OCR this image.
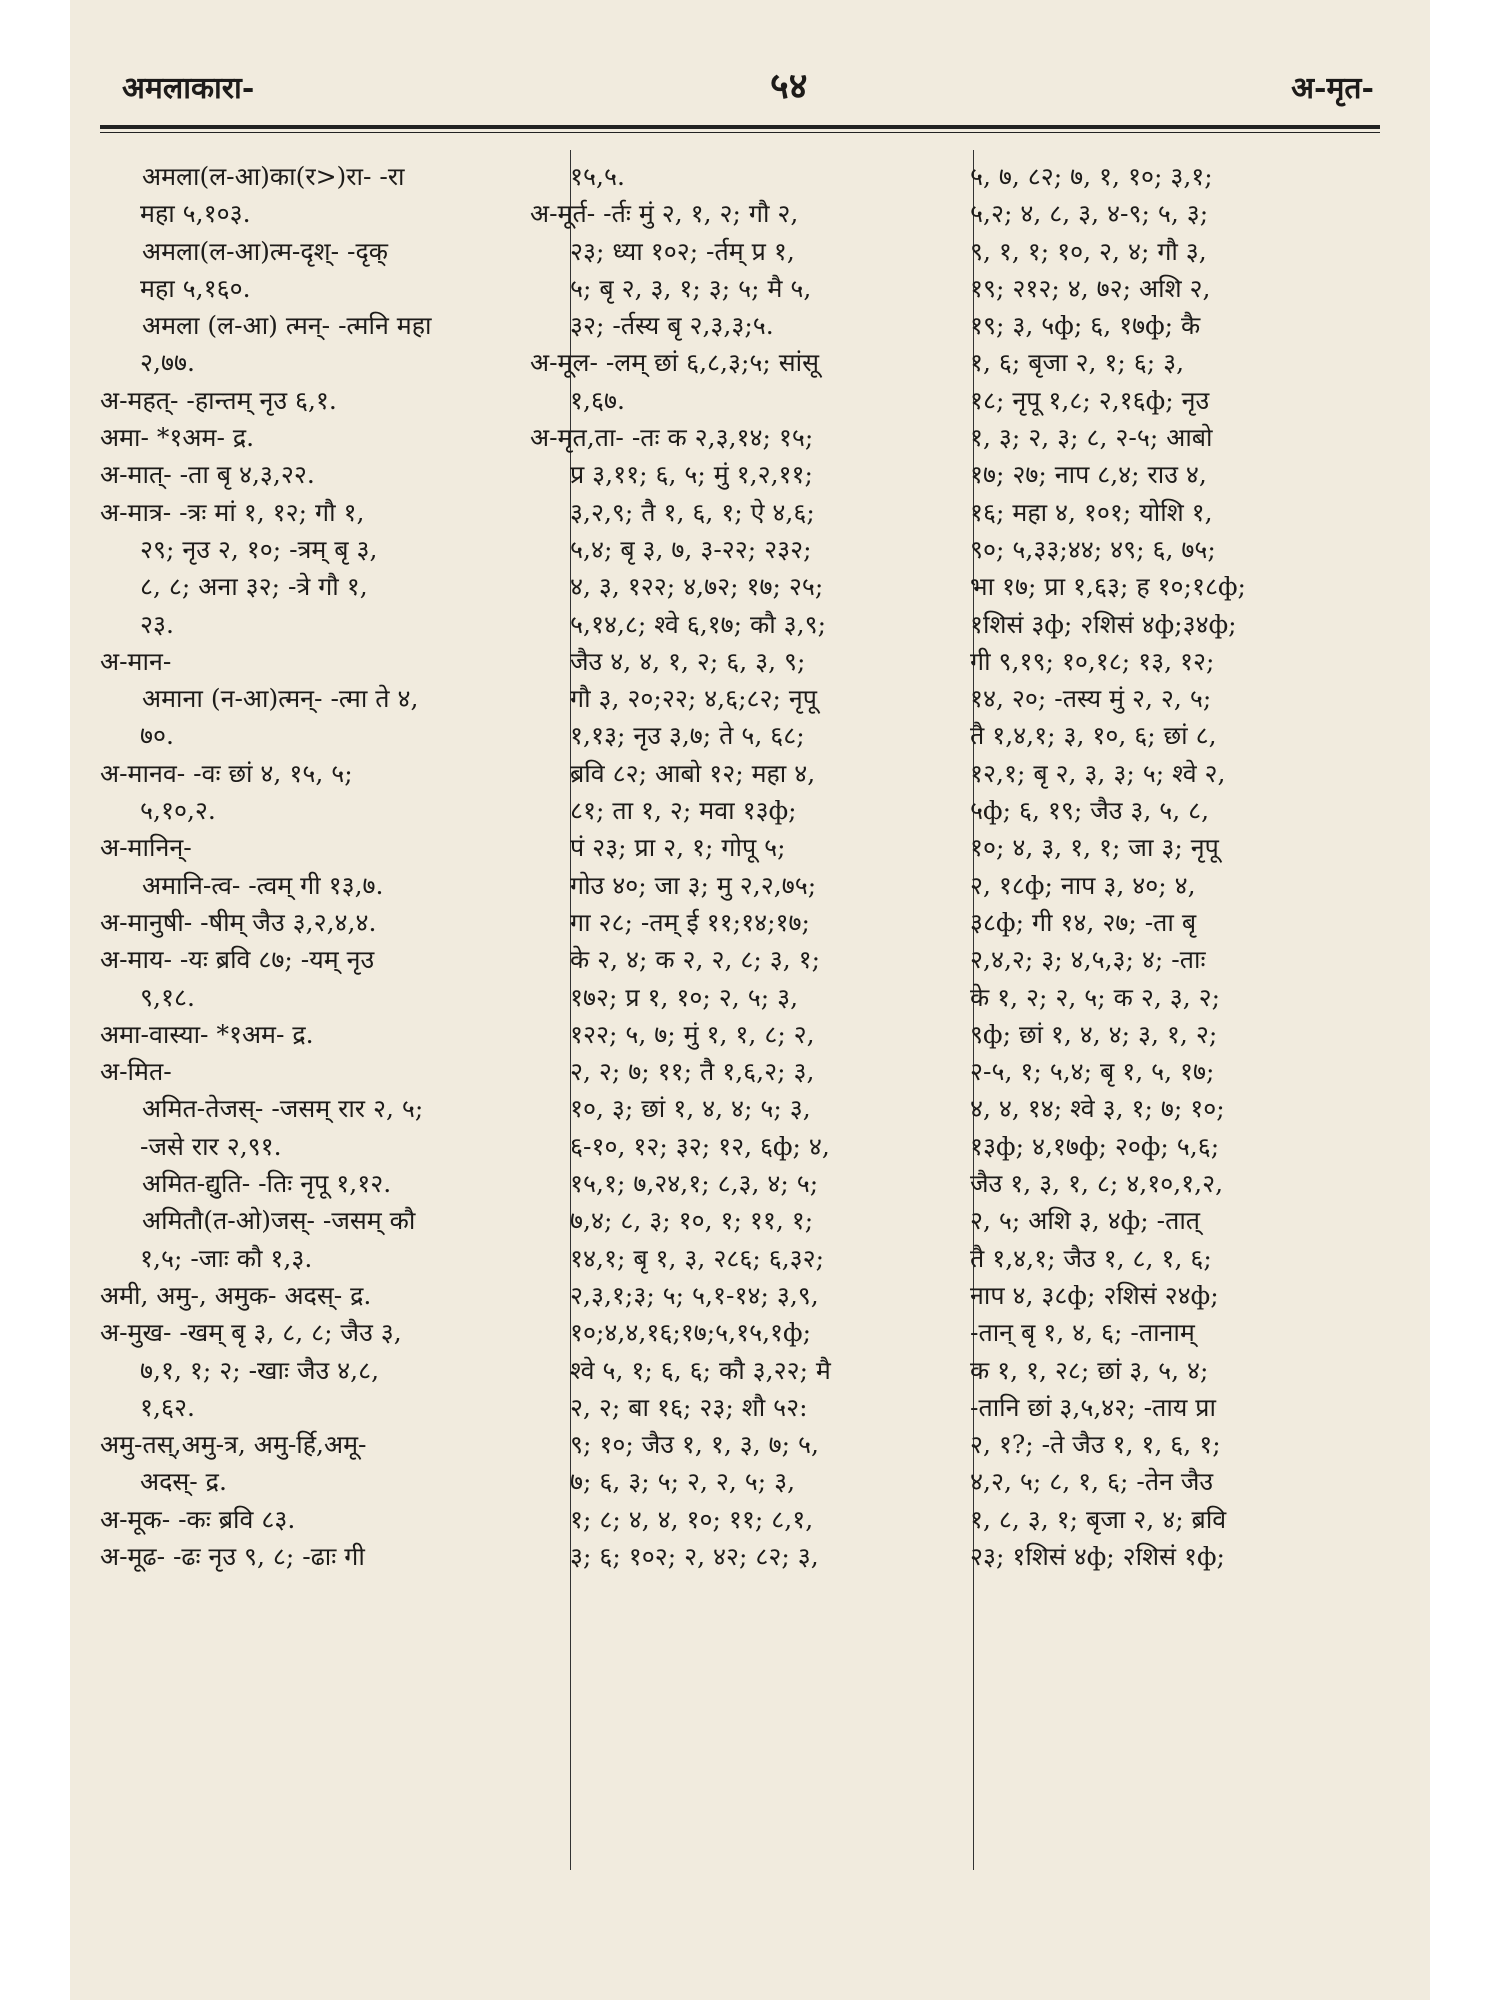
अमलाकारा-	५४	अ-मृत-
अमला(ल-आ)का(र>)रा- -रा
महा ५,१०३.
अमला(ल-आ)त्म-दृश्- -दृक्
महा ५,१६०.
अमला (ल-आ) त्मन्- -त्मनि महा
२,७७.
अ-महत्- -हान्तम् नृउ ६,१.
अमा- *१अम- द्र.
अ-मात्- -ता बृ ४,३,२२.
अ-मात्र- -त्रः मां १, १२; गौ १,
२९; नृउ २, १०; -त्रम् बृ ३,
८, ८; अना ३२; -त्रे गौ १,
२३.
अ-मान-
अमाना (न-आ)त्मन्- -त्मा ते ४,
७०.
अ-मानव- -वः छां ४, १५, ५;
५,१०,२.
अ-मानिन्-
अमानि-त्व- -त्वम् गी १३,७.
अ-मानुषी- -षीम् जैउ ३,२,४,४.
अ-माय- -यः ब्रवि ८७; -यम् नृउ
९,१८.
अमा-वास्या- *१अम- द्र.
अ-मित-
अमित-तेजस्- -जसम् रार २, ५;
-जसे रार २,९१.
अमित-द्युति- -तिः नृपू १,१२.
अमितौ(त-ओ)जस्- -जसम् कौ
१,५; -जाः कौ १,३.
अमी, अमु-, अमुक- अदस्- द्र.
अ-मुख- -खम् बृ ३, ८, ८; जैउ ३,
७,१, १; २; -खाः जैउ ४,८,
१,६२.
अमु-तस्,अमु-त्र, अमु-र्हि,अमू-
अदस्- द्र.
अ-मूक- -कः ब्रवि ८३.
अ-मूढ- -ढः नृउ ९, ८; -ढाः गी
१५,५.
अ-मूर्त- -र्तः मुं २, १, २; गौ २,
२३; ध्या १०२; -र्तम् प्र १,
५; बृ २, ३, १; ३; ५; मै ५,
३२; -र्तस्य बृ २,३,३;५.
अ-मूल- -लम् छां ६,८,३;५; सांसू
१,६७.
अ-मृत,ता- -तः क २,३,१४; १५;
प्र ३,११; ६, ५; मुं १,२,११;
३,२,९; तै १, ६, १; ऐ ४,६;
५,४; बृ ३, ७, ३-२२; २३२;
४, ३, १२२; ४,७२; १७; २५;
५,१४,८; श्वे ६,१७; कौ ३,९;
जैउ ४, ४, १, २; ६, ३, ९;
गौ ३, २०;२२; ४,६;८२; नृपू
१,१३; नृउ ३,७; ते ५, ६८;
ब्रवि ८२; आबो १२; महा ४,
८१; ता १, २; मवा १३ф;
पं २३; प्रा २, १; गोपू ५;
गोउ ४०; जा ३; मु २,२,७५;
गा २८; -तम् ई ११;१४;१७;
के २, ४; क २, २, ८; ३, १;
१७२; प्र १, १०; २, ५; ३,
१२२; ५, ७; मुं १, १, ८; २,
२, २; ७; ११; तै १,६,२; ३,
१०, ३; छां १, ४, ४; ५; ३,
६-१०, १२; ३२; १२, ६ф; ४,
१५,१; ७,२४,१; ८,३, ४; ५;
७,४; ८, ३; १०, १; ११, १;
१४,१; बृ १, ३, २८६; ६,३२;
२,३,१;३; ५; ५,१-१४; ३,९,
१०;४,४,१६;१७;५,१५,१ф;
श्वे ५, १; ६, ६; कौ ३,२२; मै
२, २; बा १६; २३; शौ ५२:
९; १०; जैउ १, १, ३, ७; ५,
७; ६, ३; ५; २, २, ५; ३,
१; ८; ४, ४, १०; ११; ८,१,
३; ६; १०२; २, ४२; ८२; ३,
५, ७, ८२; ७, १, १०; ३,१;
५,२; ४, ८, ३, ४-९; ५, ३;
९, १, १; १०, २, ४; गौ ३,
१९; २१२; ४, ७२; अशि २,
१९; ३, ५ф; ६, १७ф; कै
१, ६; बृजा २, १; ६; ३,
१८; नृपू १,८; २,१६ф; नृउ
१, ३; २, ३; ८, २-५; आबो
१७; २७; नाप ८,४; राउ ४,
१६; महा ४, १०१; योशि १,
९०; ५,३३;४४; ४९; ६, ७५;
भा १७; प्रा १,६३; ह १०;१८ф;
१शिसं ३ф; २शिसं ४ф;३४ф;
गी ९,१९; १०,१८; १३, १२;
१४, २०; -तस्य मुं २, २, ५;
तै १,४,१; ३, १०, ६; छां ८,
१२,१; बृ २, ३, ३; ५; श्वे २,
५ф; ६, १९; जैउ ३, ५, ८,
१०; ४, ३, १, १; जा ३; नृपू
२, १८ф; नाप ३, ४०; ४,
३८ф; गी १४, २७; -ता बृ
२,४,२; ३; ४,५,३; ४; -ताः
के १, २; २, ५; क २, ३, २;
९ф; छां १, ४, ४; ३, १, २;
२-५, १; ५,४; बृ १, ५, १७;
४, ४, १४; श्वे ३, १; ७; १०;
१३ф; ४,१७ф; २०ф; ५,६;
जैउ १, ३, १, ८; ४,१०,१,२,
२, ५; अशि ३, ४ф; -तात्
तै १,४,१; जैउ १, ८, १, ६;
नाप ४, ३८ф; २शिसं २४ф;
-तान् बृ १, ४, ६; -तानाम्
क १, १, २८; छां ३, ५, ४;
-तानि छां ३,५,४२; -ताय प्रा
२, १?; -ते जैउ १, १, ६, १;
४,२, ५; ८, १, ६; -तेन जैउ
१, ८, ३, १; बृजा २, ४; ब्रवि
२३; १शिसं ४ф; २शिसं १ф;
